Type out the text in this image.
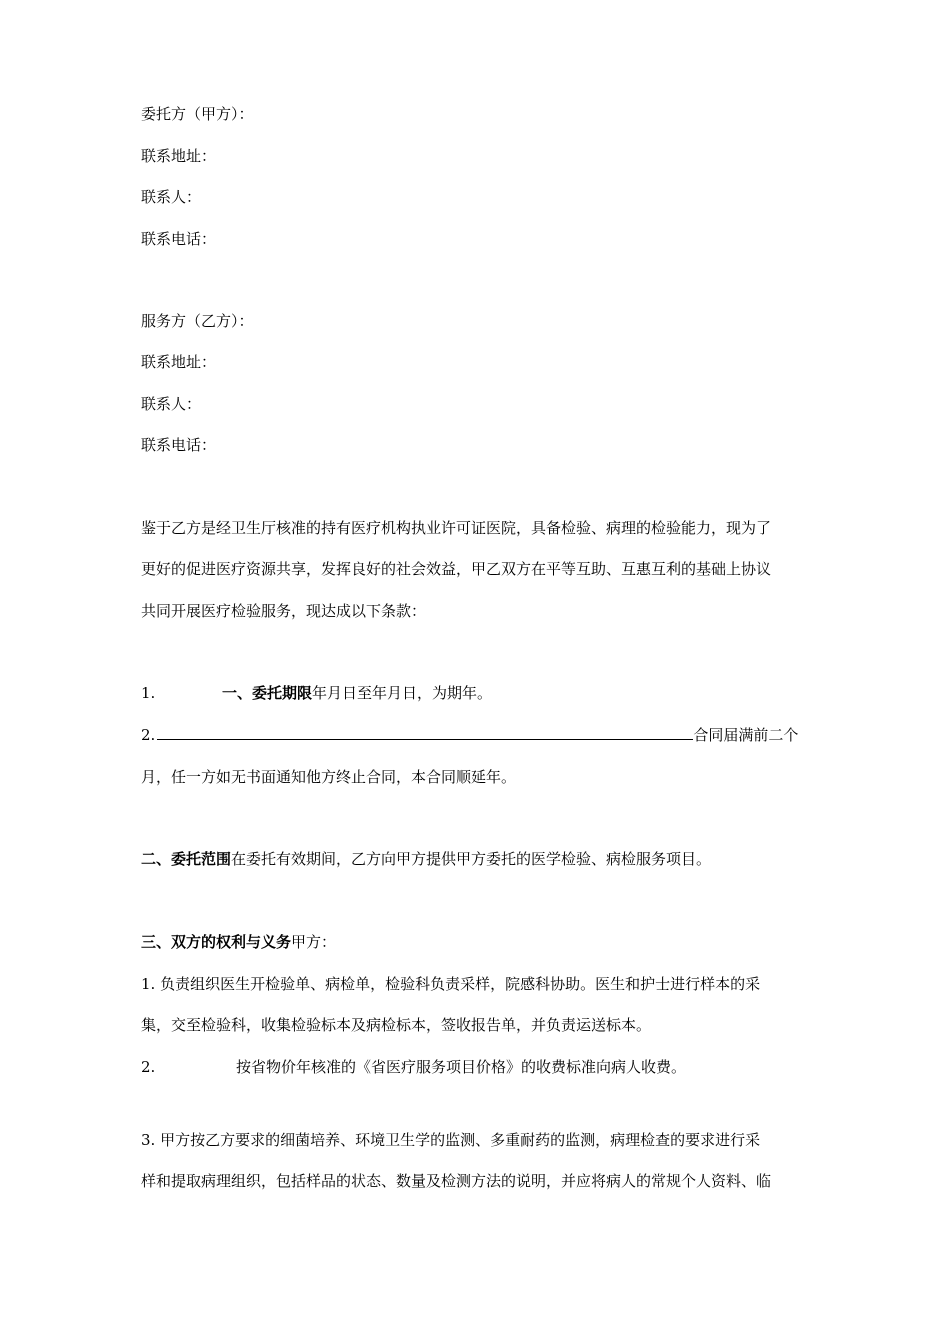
委托方（甲方）：
联系地址：
联系人：
联系电话：
服务方（乙方）：
联系地址：
联系人：
联系电话：
鉴于乙方是经卫生厅核准的持有医疗机构执业许可证医院，具备检验、病理的检验能力，现为了
更好的促进医疗资源共享，发挥良好的社会效益，甲乙双方在平等互助、互惠互利的基础上协议
共同开展医疗检验服务，现达成以下条款：
1.	一、委托期限年月日至年月日，为期年。
2.	合同届满前二个
月，任一方如无书面通知他方终止合同，本合同顺延年。
二、委托范围在委托有效期间，乙方向甲方提供甲方委托的医学检验、病检服务项目。
三、双方的权利与义务甲方：
1. 负责组织医生开检验单、病检单，检验科负责采样，院感科协助。医生和护士进行样本的采
集，交至检验科，收集检验标本及病检标本，签收报告单，并负责运送标本。
2.	按省物价年核准的《省医疗服务项目价格》的收费标准向病人收费。
3. 甲方按乙方要求的细菌培养、环境卫生学的监测、多重耐药的监测，病理检查的要求进行采
样和提取病理组织，包括样品的状态、数量及检测方法的说明，并应将病人的常规个人资料、临
